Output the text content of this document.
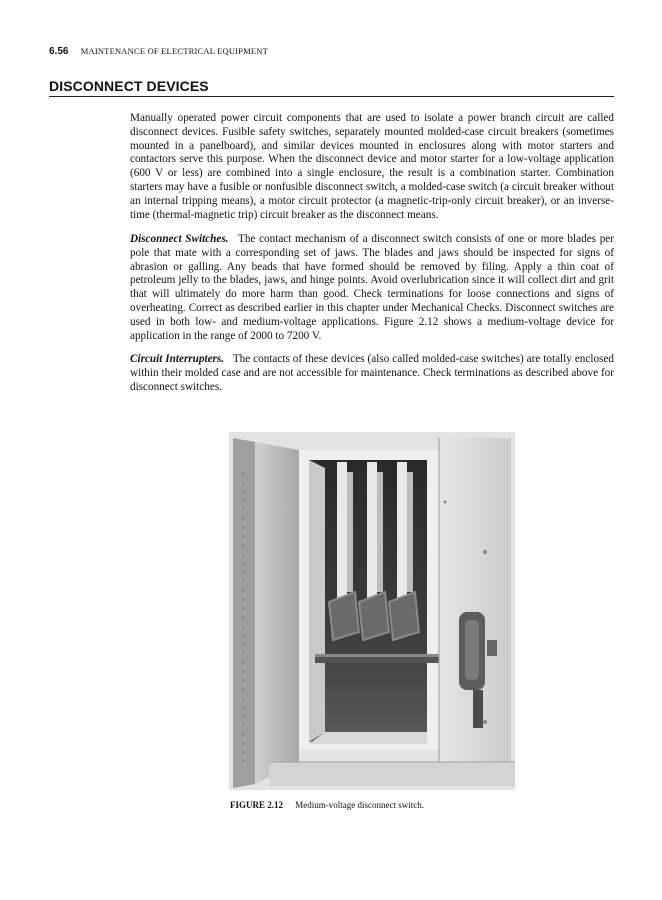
6.56 MAINTENANCE OF ELECTRICAL EQUIPMENT
DISCONNECT DEVICES

Manually operated power circuit components that are used to isolate a power branch circuit are called disconnect devices. Fusible safety switches, separately mounted molded-case circuit breakers (sometimes mounted in a panelboard), and similar devices mounted in enclosures along with motor starters and contactors serve this purpose. When the disconnect device and motor starter for a low-voltage application (600 V or less) are combined into a single enclosure, the result is a combination starter. Combination starters may have a fusible or nonfusible disconnect switch, a molded-case switch (a circuit breaker without an internal tripping means), a motor circuit protector (a magnetic-trip-only circuit breaker), or an inverse-time (thermal-magnetic trip) circuit breaker as the disconnect means.

Disconnect Switches. The contact mechanism of a disconnect switch consists of one or more blades per pole that mate with a corresponding set of jaws. The blades and jaws should be inspected for signs of abrasion or galling. Any beads that have formed should be removed by filing. Apply a thin coat of petroleum jelly to the blades, jaws, and hinge points. Avoid overlubrication since it will collect dirt and grit that will ultimately do more harm than good. Check terminations for loose connections and signs of overheating. Correct as described earlier in this chapter under Mechanical Checks. Disconnect switches are used in both low- and medium-voltage applications. Figure 2.12 shows a medium-voltage device for application in the range of 2000 to 7200 V.

Circuit Interrupters. The contacts of these devices (also called molded-case switches) are totally enclosed within their molded case and are not accessible for maintenance. Check terminations as described above for disconnect switches.

FIGURE 2.12 Medium-voltage disconnect switch.
